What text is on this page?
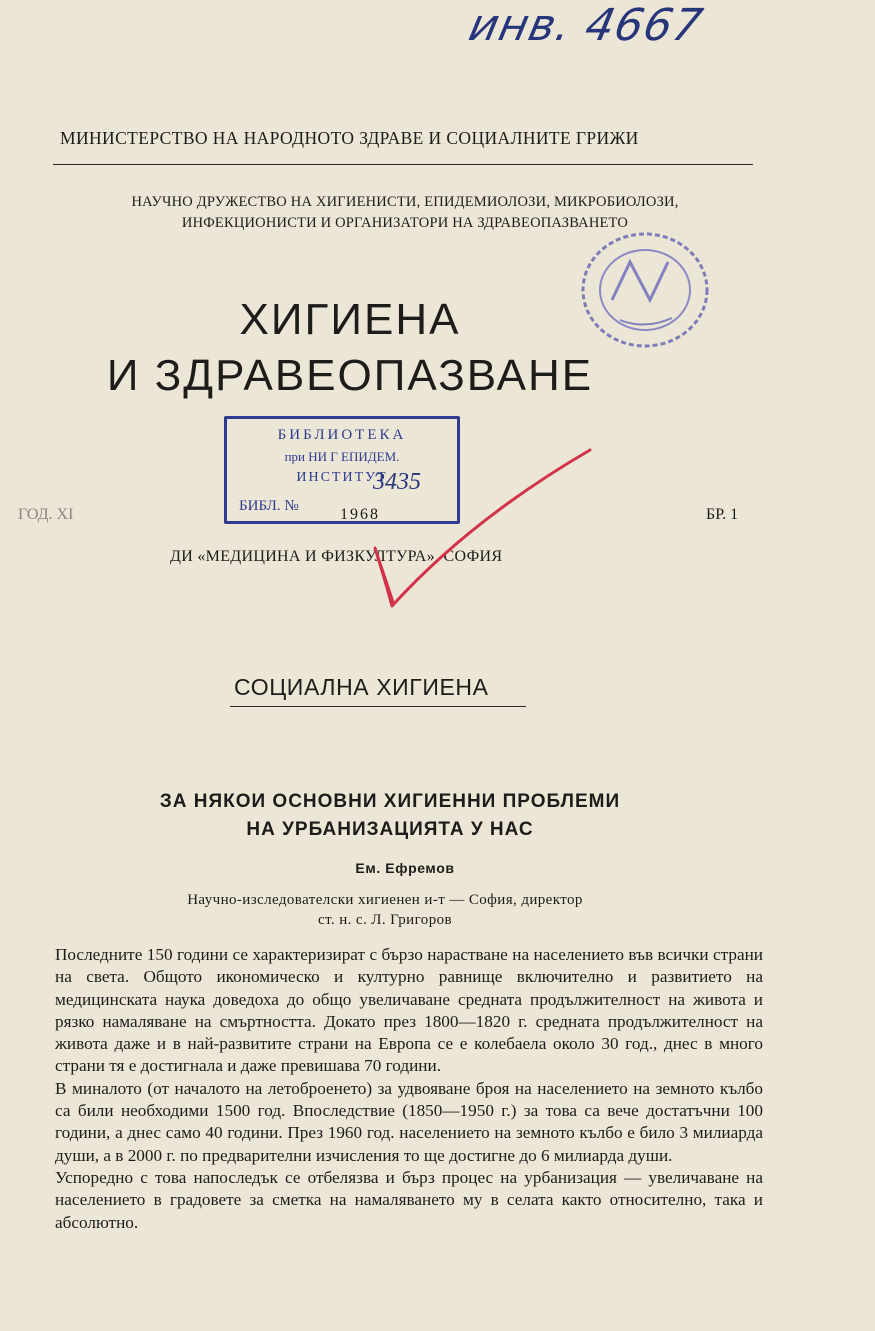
инв. 4667
МИНИСТЕРСТВО НА НАРОДНОТО ЗДРАВЕ И СОЦИАЛНИТЕ ГРИЖИ
НАУЧНО ДРУЖЕСТВО НА ХИГИЕНИСТИ, ЕПИДЕМИОЛОЗИ, МИКРОБИОЛОЗИ,
ИНФЕКЦИОНИСТИ И ОРГАНИЗАТОРИ НА ЗДРАВЕОПАЗВАНЕТО
ХИГИЕНА
И ЗДРАВЕОПАЗВАНЕ
БИБЛИОТЕКА
при НИ Г ЕПИДЕМ.
ИНСТИТУТ
БИБЛ. №
3435
ГОД. XI	1968	БР. 1
ДИ «МЕДИЦИНА И ФИЗКУЛТУРА», СОФИЯ
СОЦИАЛНА ХИГИЕНА
ЗА НЯКОИ ОСНОВНИ ХИГИЕННИ ПРОБЛЕМИ
НА УРБАНИЗАЦИЯТА У НАС
Ем. Ефремов
Научно-изследователски хигиенен и-т — София, директор
ст. н. с. Л. Григоров

Последните 150 години се характеризират с бързо нарастване на населението във всички страни на света. Общото икономическо и културно равнище включително и развитието на медицинската наука доведоха до общо увеличаване средната продължителност на живота и рязко намаляване на смъртността. Докато през 1800—1820 г. средната продължителност на живота даже и в най-развитите страни на Европа се е колебаела около 30 год., днес в много страни тя е достигнала и даже превишава 70 години.

В миналото (от началото на летоброенето) за удвояване броя на населението на земното кълбо са били необходими 1500 год. Впоследствие (1850—1950 г.) за това са вече достатъчни 100 години, а днес само 40 години. През 1960 год. населението на земното кълбо е било 3 милиарда души, а в 2000 г. по предварителни изчисления то ще достигне до 6 милиарда души.

Успоредно с това напоследък се отбелязва и бърз процес на урбанизация — увеличаване на населението в градовете за сметка на намаляването му в селата както относително, така и абсолютно.
